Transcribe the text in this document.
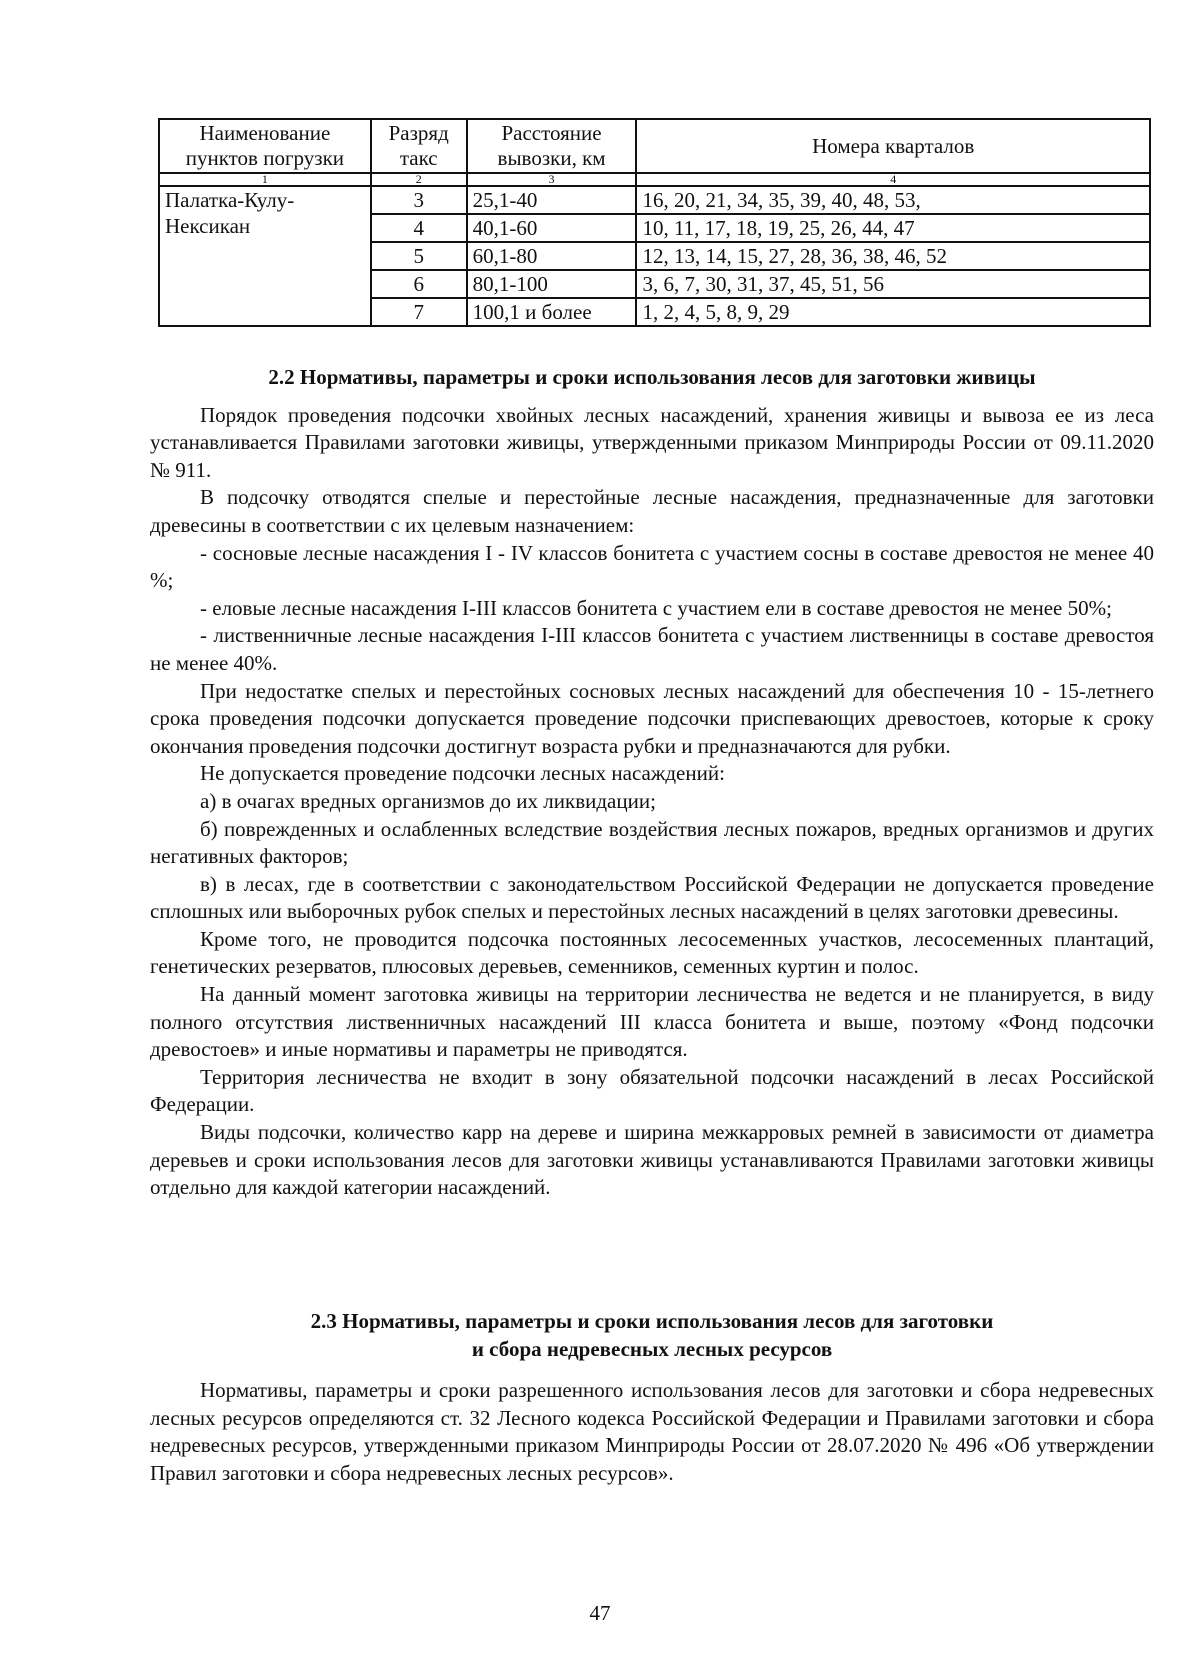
Наименование пунктов погрузки	Разряд такс	Расстояние вывозки, км	Номера кварталов
1	2	3	4
Палатка-Кулу-Нексикан	3	25,1-40	16, 20, 21, 34, 35, 39, 40, 48, 53,
	4	40,1-60	10, 11, 17, 18, 19, 25, 26, 44, 47
	5	60,1-80	12, 13, 14, 15, 27, 28, 36, 38, 46, 52
	6	80,1-100	3, 6, 7, 30, 31, 37, 45, 51, 56
	7	100,1 и более	1, 2, 4, 5, 8, 9, 29
2.2 Нормативы, параметры и сроки использования лесов для заготовки живицы

Порядок проведения подсочки хвойных лесных насаждений, хранения живицы и вывоза ее из леса устанавливается Правилами заготовки живицы, утвержденными приказом Минприроды России от 09.11.2020 № 911.

В подсочку отводятся спелые и перестойные лесные насаждения, предназначенные для заготовки древесины в соответствии с их целевым назначением:

- сосновые лесные насаждения I - IV классов бонитета с участием сосны в составе древостоя не менее 40 %;

- еловые лесные насаждения I-III классов бонитета с участием ели в составе древостоя не менее 50%;

- лиственничные лесные насаждения I-III классов бонитета с участием лиственницы в составе древостоя не менее 40%.

При недостатке спелых и перестойных сосновых лесных насаждений для обеспечения 10 - 15-летнего срока проведения подсочки допускается проведение подсочки приспевающих древостоев, которые к сроку окончания проведения подсочки достигнут возраста рубки и предназначаются для рубки.

Не допускается проведение подсочки лесных насаждений:

а) в очагах вредных организмов до их ликвидации;

б) поврежденных и ослабленных вследствие воздействия лесных пожаров, вредных организмов и других негативных факторов;

в) в лесах, где в соответствии с законодательством Российской Федерации не допускается проведение сплошных или выборочных рубок спелых и перестойных лесных насаждений в целях заготовки древесины.

Кроме того, не проводится подсочка постоянных лесосеменных участков, лесосеменных плантаций, генетических резерватов, плюсовых деревьев, семенников, семенных куртин и полос.

На данный момент заготовка живицы на территории лесничества не ведется и не планируется, в виду полного отсутствия лиственничных насаждений III класса бонитета и выше, поэтому «Фонд подсочки древостоев» и иные нормативы и параметры не приводятся.

Территория лесничества не входит в зону обязательной подсочки насаждений в лесах Российской Федерации.

Виды подсочки, количество карр на дереве и ширина межкарровых ремней в зависимости от диаметра деревьев и сроки использования лесов для заготовки живицы устанавливаются Правилами заготовки живицы отдельно для каждой категории насаждений.

2.3 Нормативы, параметры и сроки использования лесов для заготовки
и сбора недревесных лесных ресурсов

Нормативы, параметры и сроки разрешенного использования лесов для заготовки и сбора недревесных лесных ресурсов определяются ст. 32 Лесного кодекса Российской Федерации и Правилами заготовки и сбора недревесных ресурсов, утвержденными приказом Минприроды России от 28.07.2020 № 496 «Об утверждении Правил заготовки и сбора недревесных лесных ресурсов».

47
